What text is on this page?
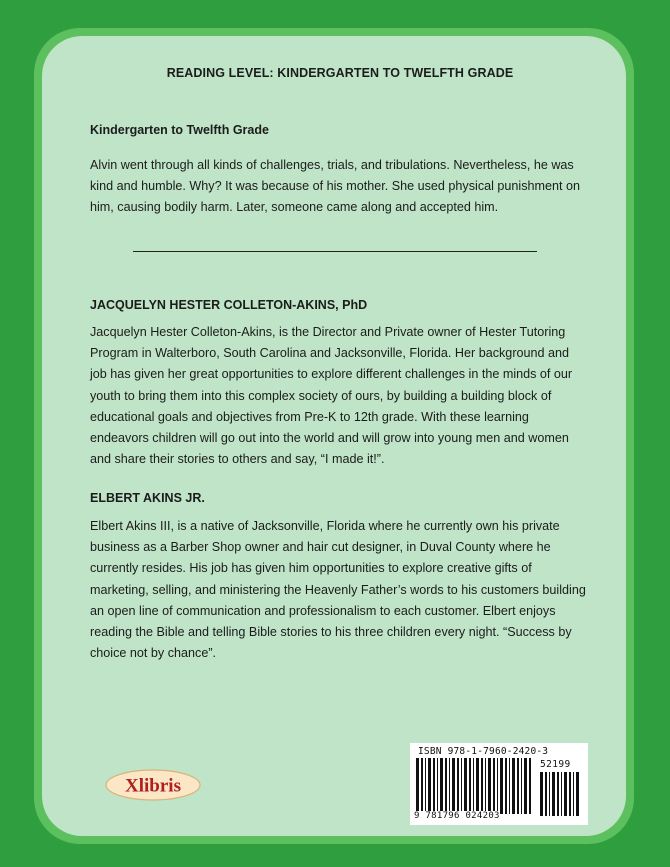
READING LEVEL: KINDERGARTEN TO TWELFTH GRADE
Kindergarten to Twelfth Grade
Alvin went through all kinds of challenges, trials, and tribulations. Nevertheless, he was kind and humble. Why? It was because of his mother. She used physical punishment on him, causing bodily harm. Later, someone came along and accepted him.
JACQUELYN HESTER COLLETON-AKINS, PhD
Jacquelyn Hester Colleton-Akins, is the Director and Private owner of Hester Tutoring Program in Walterboro, South Carolina and Jacksonville, Florida. Her background and job has given her great opportunities to explore different challenges in the minds of our youth to bring them into this complex society of ours, by building a building block of educational goals and objectives from Pre-K to 12th grade. With these learning endeavors children will go out into the world and will grow into young men and women and share their stories to others and say, “I made it!”.
ELBERT AKINS JR.
Elbert Akins III, is a native of Jacksonville, Florida where he currently own his private business as a Barber Shop owner and hair cut designer, in Duval County where he currently resides. His job has given him opportunities to explore creative gifts of marketing, selling, and ministering the Heavenly Father’s words to his customers building an open line of communication and professionalism to each customer. Elbert enjoys reading the Bible and telling Bible stories to his three children every night. “Success by choice not by chance”.
Xlibris
ISBN 978-1-7960-2420-3
52199
9 781796 024203
